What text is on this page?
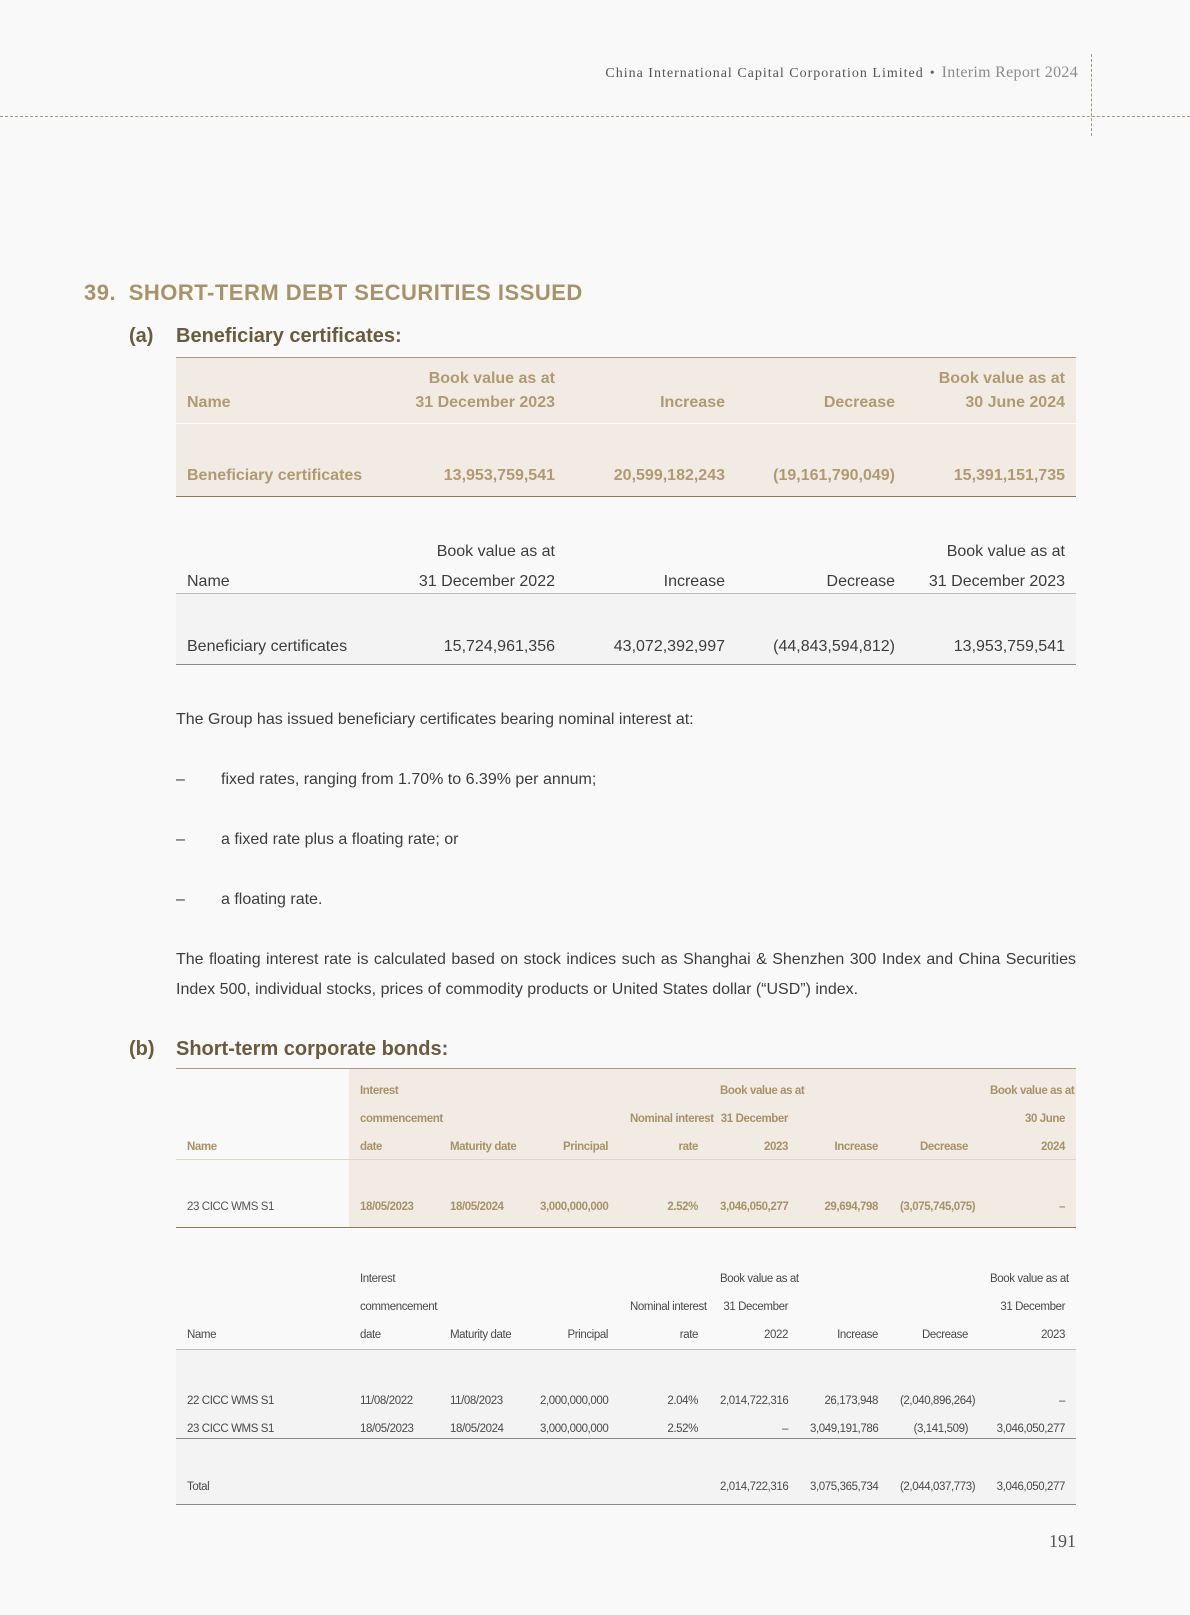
China International Capital Corporation Limited • Interim Report 2024
39. SHORT-TERM DEBT SECURITIES ISSUED
(a) Beneficiary certificates:
	Book value as at			Book value as at
Name	31 December 2023	Increase	Decrease	30 June 2024
Beneficiary certificates	13,953,759,541	20,599,182,243	(19,161,790,049)	15,391,151,735
	Book value as at			Book value as at
Name	31 December 2022	Increase	Decrease	31 December 2023
Beneficiary certificates	15,724,961,356	43,072,392,997	(44,843,594,812)	13,953,759,541
The Group has issued beneficiary certificates bearing nominal interest at:
– fixed rates, ranging from 1.70% to 6.39% per annum;
– a fixed rate plus a floating rate; or
– a floating rate.
The floating interest rate is calculated based on stock indices such as Shanghai & Shenzhen 300 Index and China Securities Index 500, individual stocks, prices of commodity products or United States dollar (“USD”) index.
(b) Short-term corporate bonds:
	Interest				Book value as at			Book value as at
	commencement			Nominal interest	31 December			30 June
Name	date	Maturity date	Principal	rate	2023	Increase	Decrease	2024
23 CICC WMS S1	18/05/2023	18/05/2024	3,000,000,000	2.52%	3,046,050,277	29,694,798	(3,075,745,075)	–
	Interest				Book value as at			Book value as at
	commencement			Nominal interest	31 December			31 December
Name	date	Maturity date	Principal	rate	2022	Increase	Decrease	2023
22 CICC WMS S1	11/08/2022	11/08/2023	2,000,000,000	2.04%	2,014,722,316	26,173,948	(2,040,896,264)	–
23 CICC WMS S1	18/05/2023	18/05/2024	3,000,000,000	2.52%	–	3,049,191,786	(3,141,509)	3,046,050,277
Total					2,014,722,316	3,075,365,734	(2,044,037,773)	3,046,050,277
191
